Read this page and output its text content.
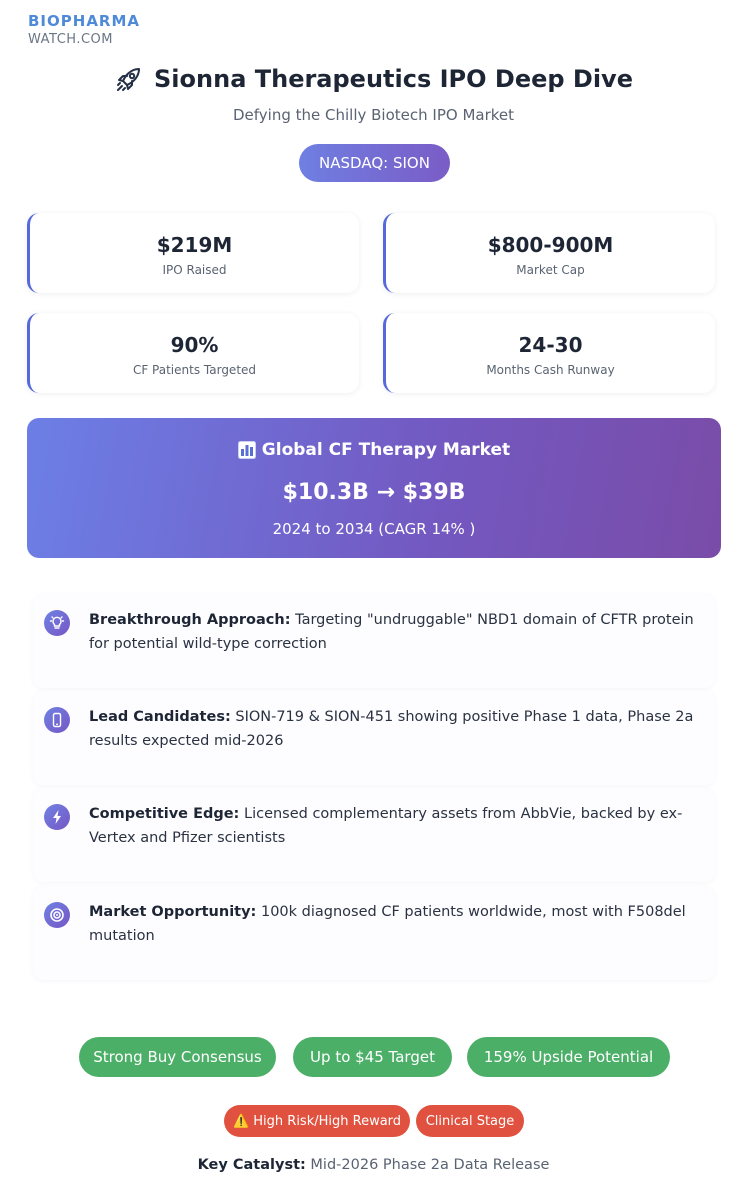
BIOPHARMA
WATCH.COM
Sionna Therapeutics IPO Deep Dive
Defying the Chilly Biotech IPO Market
NASDAQ: SION
$219M
IPO Raised
$800-900M
Market Cap
90%
CF Patients Targeted
24-30
Months Cash Runway
Global CF Therapy Market
$10.3B → $39B
2024 to 2034 (CAGR 14% )
Breakthrough Approach: Targeting "undruggable" NBD1 domain of CFTR protein for potential wild-type correction
Lead Candidates: SION-719 & SION-451 showing positive Phase 1 data, Phase 2a results expected mid-2026
Competitive Edge: Licensed complementary assets from AbbVie, backed by ex-Vertex and Pfizer scientists
Market Opportunity: 100k diagnosed CF patients worldwide, most with F508del mutation
Strong Buy Consensus	Up to $45 Target	159% Upside Potential
⚠️ High Risk/High Reward	Clinical Stage
Key Catalyst: Mid-2026 Phase 2a Data Release
